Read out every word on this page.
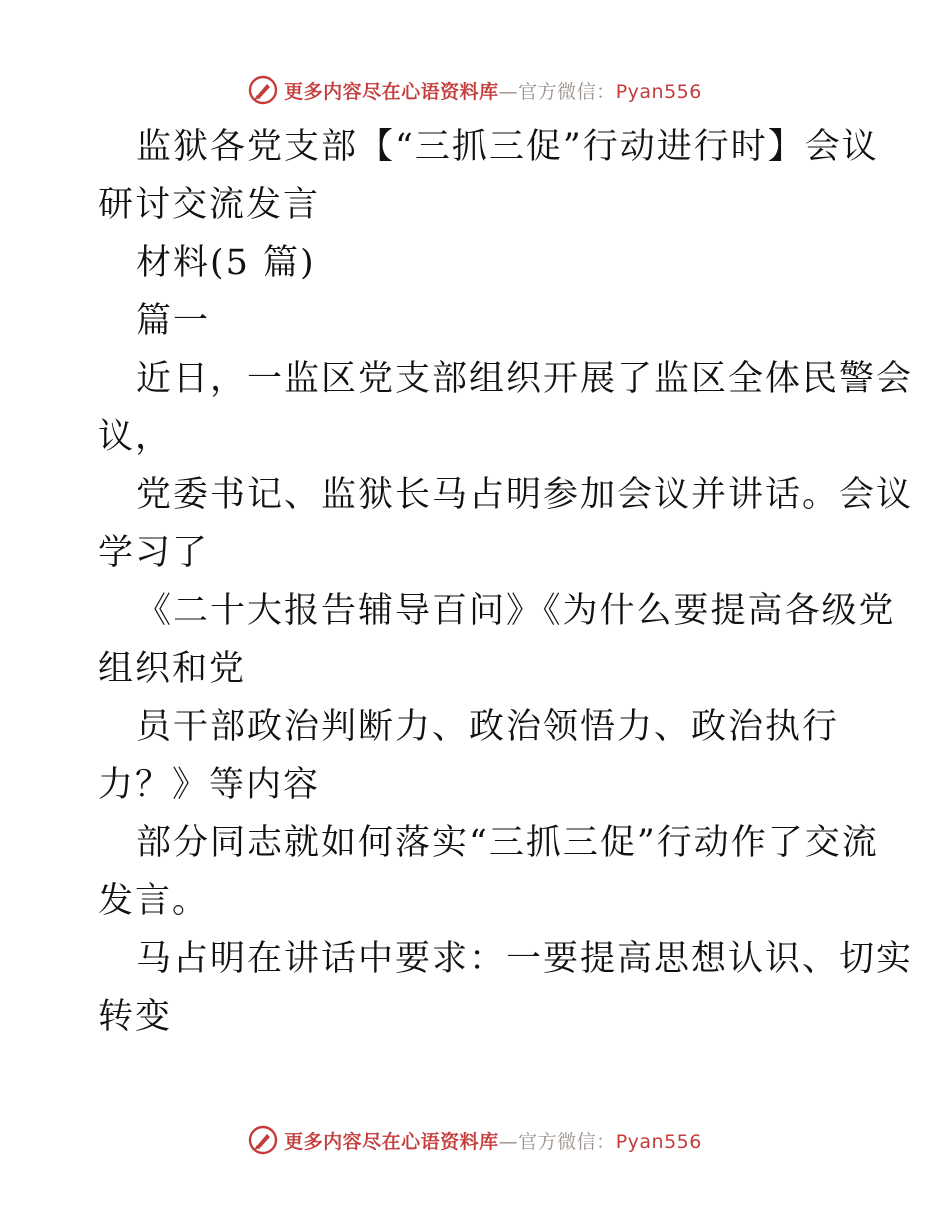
更多内容尽在心语资料库—官方微信：Pyan556
监狱各党支部【“三抓三促”行动进行时】会议
研讨交流发言
材料(5 篇)
篇一
近日，一监区党支部组织开展了监区全体民警会
议，
党委书记、监狱长马占明参加会议并讲话。会议
学习了
《二十大报告辅导百问》《为什么要提高各级党
组织和党
员干部政治判断力、政治领悟力、政治执行
力？》等内容
部分同志就如何落实“三抓三促”行动作了交流
发言。
马占明在讲话中要求：一要提高思想认识、切实
转变
更多内容尽在心语资料库—官方微信：Pyan556
